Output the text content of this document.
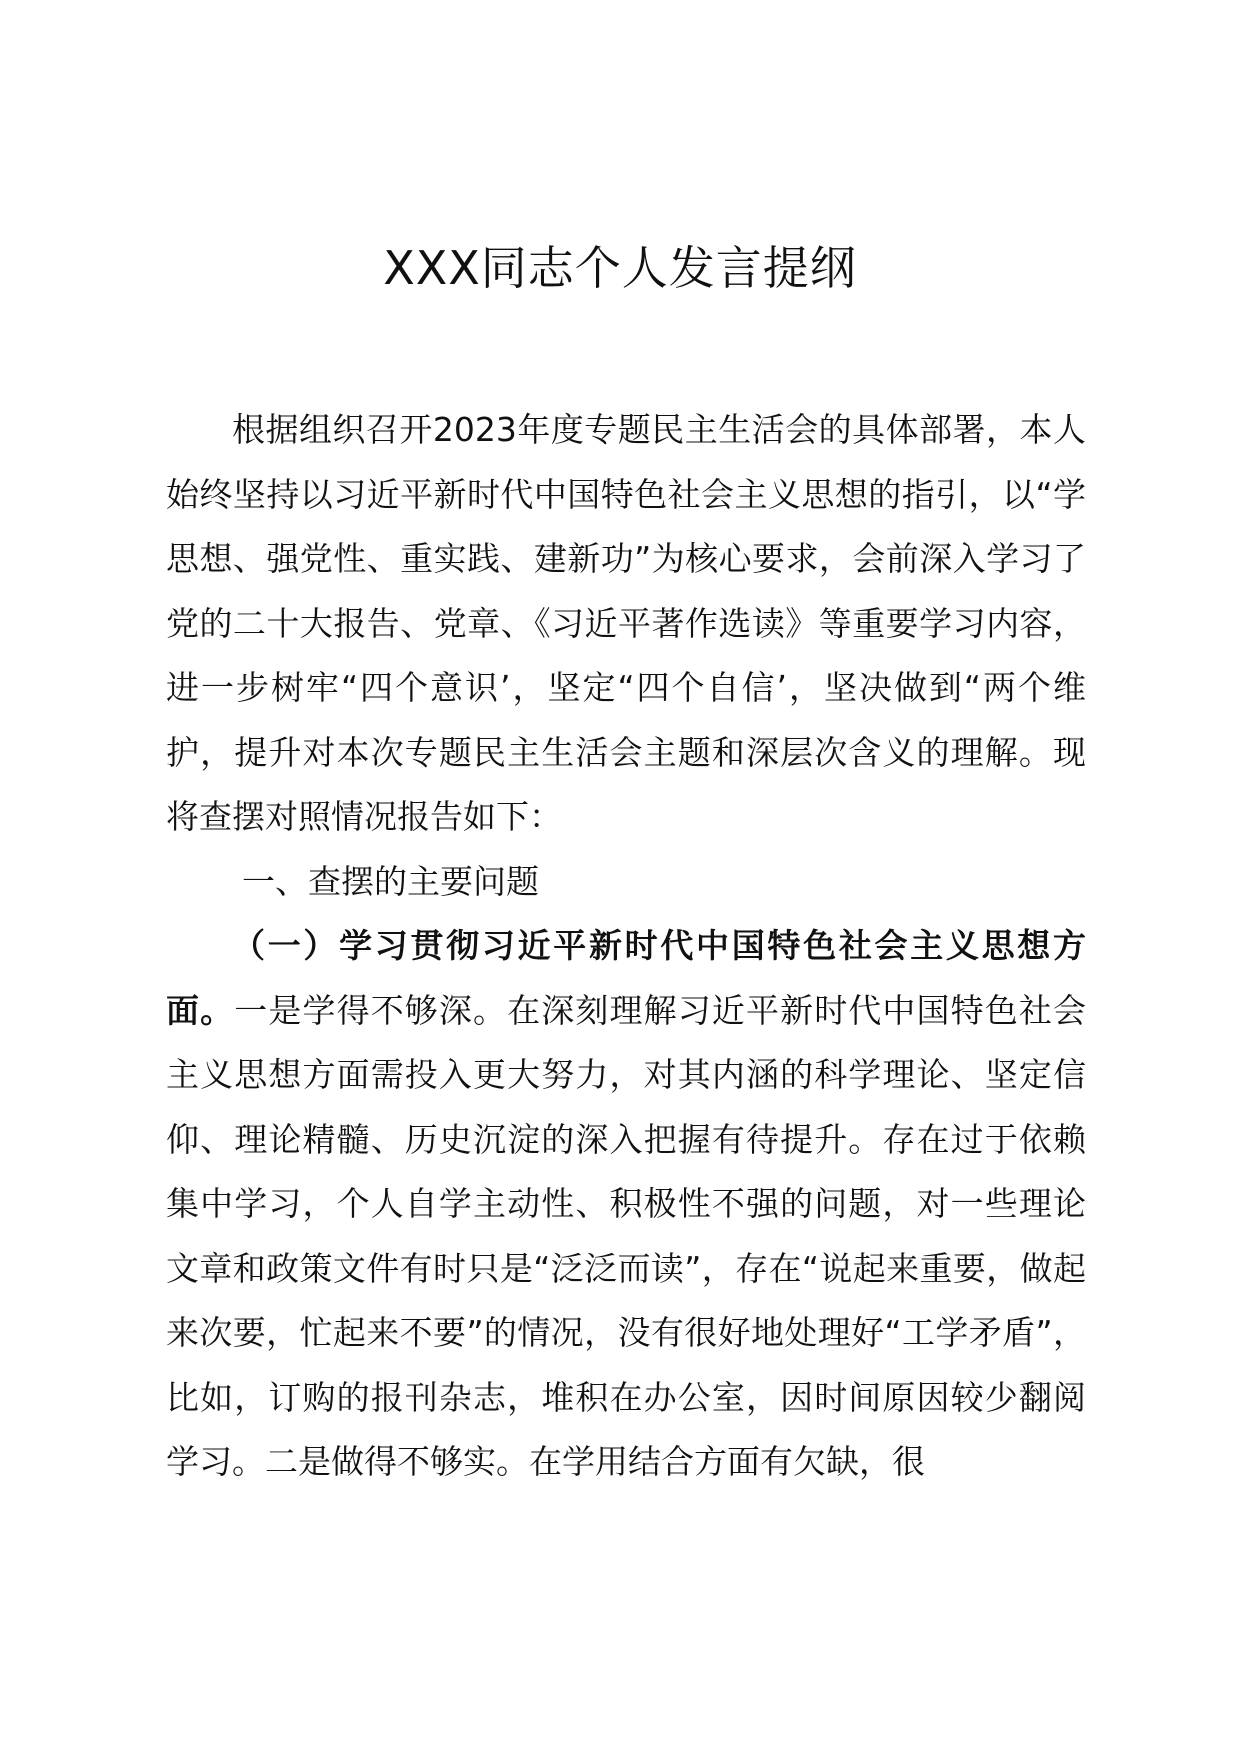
XXX同志个人发言提纲

根据组织召开2023年度专题民主生活会的具体部署，本人始终坚持以习近平新时代中国特色社会主义思想的指引，以“学思想、强党性、重实践、建新功”为核心要求，会前深入学习了党的二十大报告、党章、《习近平著作选读》等重要学习内容，进一步树牢“四个意识’，坚定“四个自信’，坚决做到“两个维护，提升对本次专题民主生活会主题和深层次含义的理解。现将查摆对照情况报告如下：

一、查摆的主要问题

（一）学习贯彻习近平新时代中国特色社会主义思想方面。一是学得不够深。在深刻理解习近平新时代中国特色社会主义思想方面需投入更大努力，对其内涵的科学理论、坚定信仰、理论精髓、历史沉淀的深入把握有待提升。存在过于依赖集中学习，个人自学主动性、积极性不强的问题，对一些理论文章和政策文件有时只是“泛泛而读”，存在“说起来重要，做起来次要，忙起来不要”的情况，没有很好地处理好“工学矛盾”，比如，订购的报刊杂志，堆积在办公室，因时间原因较少翻阅学习。二是做得不够实。在学用结合方面有欠缺，很
